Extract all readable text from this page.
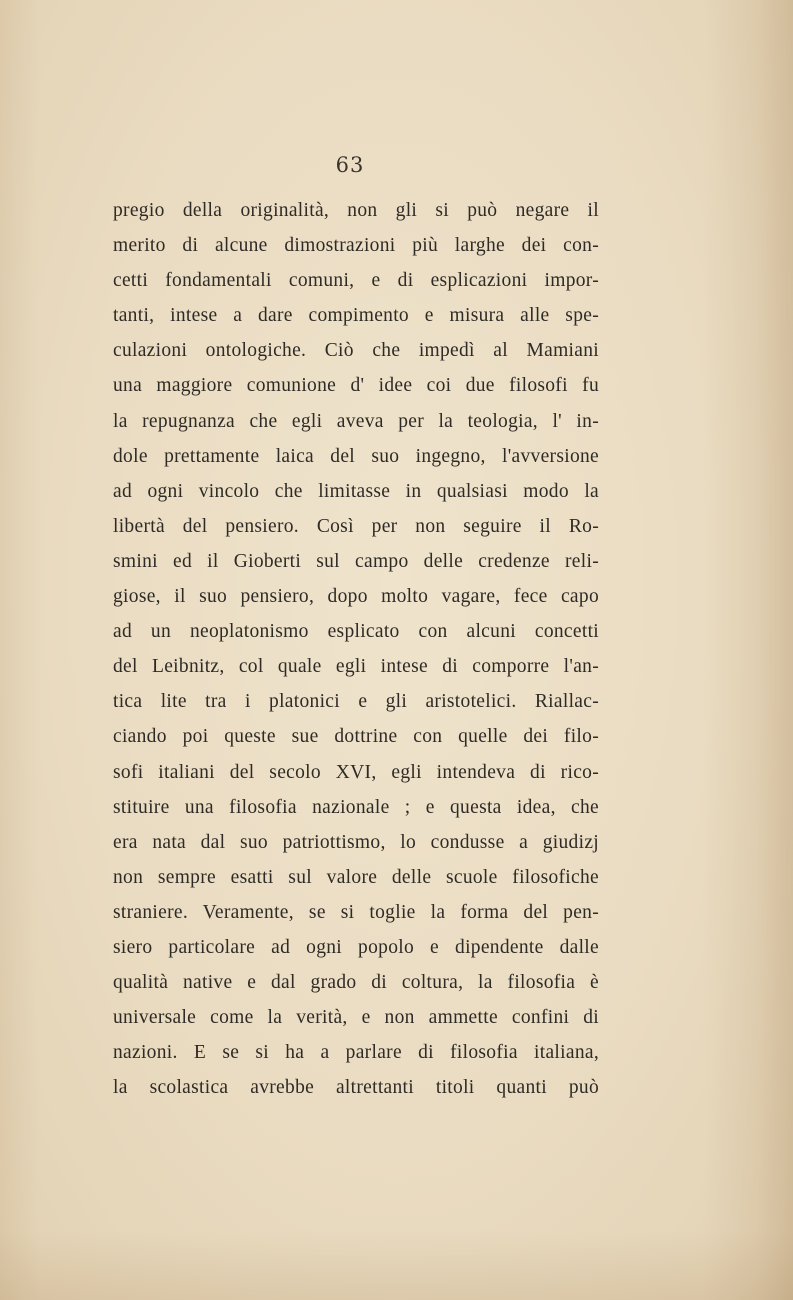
63
pregio della originalità, non gli si può negare il
merito di alcune dimostrazioni più larghe dei con-
cetti fondamentali comuni, e di esplicazioni impor-
tanti, intese a dare compimento e misura alle spe-
culazioni ontologiche. Ciò che impedì al Mamiani
una maggiore comunione d' idee coi due filosofi fu
la repugnanza che egli aveva per la teologia, l' in-
dole prettamente laica del suo ingegno, l'avversione
ad ogni vincolo che limitasse in qualsiasi modo la
libertà del pensiero. Così per non seguire il Ro-
smini ed il Gioberti sul campo delle credenze reli-
giose, il suo pensiero, dopo molto vagare, fece capo
ad un neoplatonismo esplicato con alcuni concetti
del Leibnitz, col quale egli intese di comporre l'an-
tica lite tra i platonici e gli aristotelici. Riallac-
ciando poi queste sue dottrine con quelle dei filo-
sofi italiani del secolo XVI, egli intendeva di rico-
stituire una filosofia nazionale ; e questa idea, che
era nata dal suo patriottismo, lo condusse a giudizj
non sempre esatti sul valore delle scuole filosofiche
straniere. Veramente, se si toglie la forma del pen-
siero particolare ad ogni popolo e dipendente dalle
qualità native e dal grado di coltura, la filosofia è
universale come la verità, e non ammette confini di
nazioni. E se si ha a parlare di filosofia italiana,
la scolastica avrebbe altrettanti titoli quanti può
